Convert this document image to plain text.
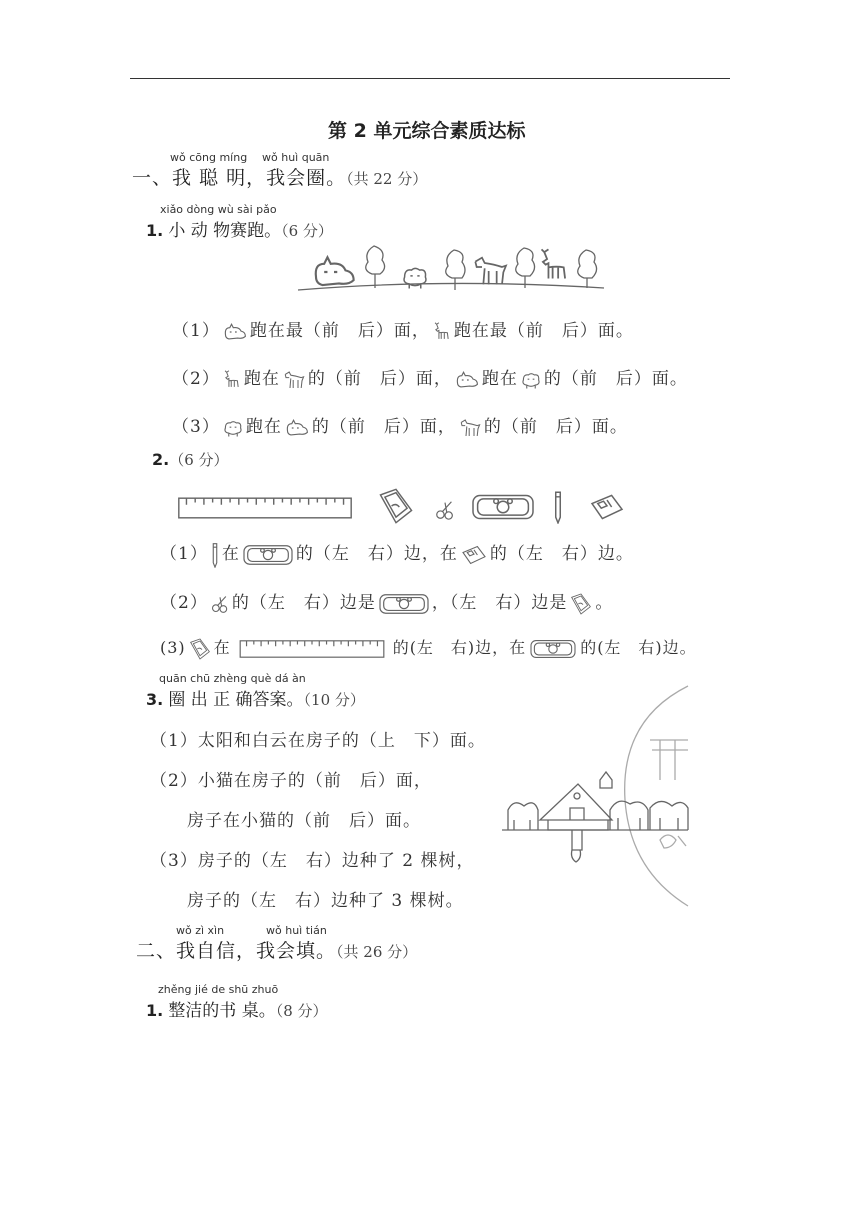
第 2 单元综合素质达标
wǒ cōng míng wǒ huì quān
一、我 聪 明，我会圈。（共 22 分）
xiǎo dòng wù sài pǎo
1. 小 动 物赛跑。（6 分）
（1） 跑在最（前　后）面， 跑在最（前　后）面。
（2） 跑在 的（前　后）面， 跑在 的（前　后）面。
（3） 跑在 的（前　后）面， 的（前　后）面。
2.（6 分）
（1） 在	的（左　右）边，在 的（左　右）边。
（2） 的（左　右）边是	，（左　右）边是 。
(3) 在	的(左　右)边，在	的(左　右)边。
quān chū zhèng què dá àn
3. 圈 出 正 确答案。（10 分）
（1）太阳和白云在房子的（上　下）面。
（2）小猫在房子的（前　后）面，
房子在小猫的（前　后）面。
（3）房子的（左　右）边种了 2 棵树，
房子的（左　右）边种了 3 棵树。
wǒ zì xìn	wǒ huì tián
二、我自信，我会填。（共 26 分）
zhěng jié de shū zhuō
1. 整洁的书 桌。（8 分）
